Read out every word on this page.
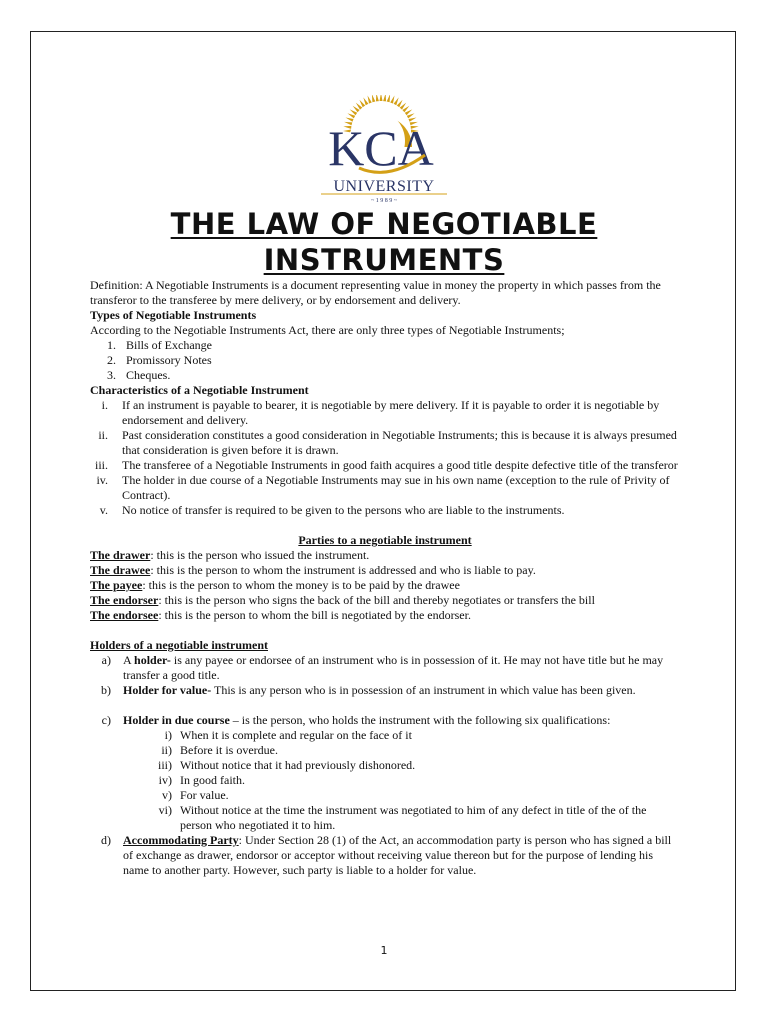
KCA
UNIVERSITY
~ 1 9 8 9 ~
THE LAW OF NEGOTIABLE
INSTRUMENTS

Definition: A Negotiable Instruments is a document representing value in money the property in which passes from the transferor to the transferee by mere delivery, or by endorsement and delivery.

Types of Negotiable Instruments

According to the Negotiable Instruments Act, there are only three types of Negotiable Instruments;

1. Bills of Exchange
2. Promissory Notes
3. Cheques.

Characteristics of a Negotiable Instrument

i.	If an instrument is payable to bearer, it is negotiable by mere delivery. If it is payable to order it is negotiable by endorsement and delivery.
ii.	Past consideration constitutes a good consideration in Negotiable Instruments; this is because it is always presumed that consideration is given before it is drawn.
iii.	The transferee of a Negotiable Instruments in good faith acquires a good title despite defective title of the transferor
iv.	The holder in due course of a Negotiable Instruments may sue in his own name (exception to the rule of Privity of Contract).
v.	No notice of transfer is required to be given to the persons who are liable to the instruments.

Parties to a negotiable instrument

The drawer: this is the person who issued the instrument.

The drawee: this is the person to whom the instrument is addressed and who is liable to pay.

The payee: this is the person to whom the money is to be paid by the drawee

The endorser: this is the person who signs the back of the bill and thereby negotiates or transfers the bill

The endorsee: this is the person to whom the bill is negotiated by the endorser.

Holders of a negotiable instrument

a)	A holder- is any payee or endorsee of an instrument who is in possession of it. He may not have title but he may transfer a good title.
b)	Holder for value- This is any person who is in possession of an instrument in which value has been given.
c)	Holder in due course – is the person, who holds the instrument with the following six qualifications:
i) When it is complete and regular on the face of it
ii) Before it is overdue.
iii) Without notice that it had previously dishonored.
iv) In good faith.
v) For value.
vi) Without notice at the time the instrument was negotiated to him of any defect in title of the of the person who negotiated it to him.
d)	Accommodating Party: Under Section 28 (1) of the Act, an accommodation party is person who has signed a bill of exchange as drawer, endorsor or acceptor without receiving value thereon but for the purpose of lending his name to another party. However, such party is liable to a holder for value.
1
